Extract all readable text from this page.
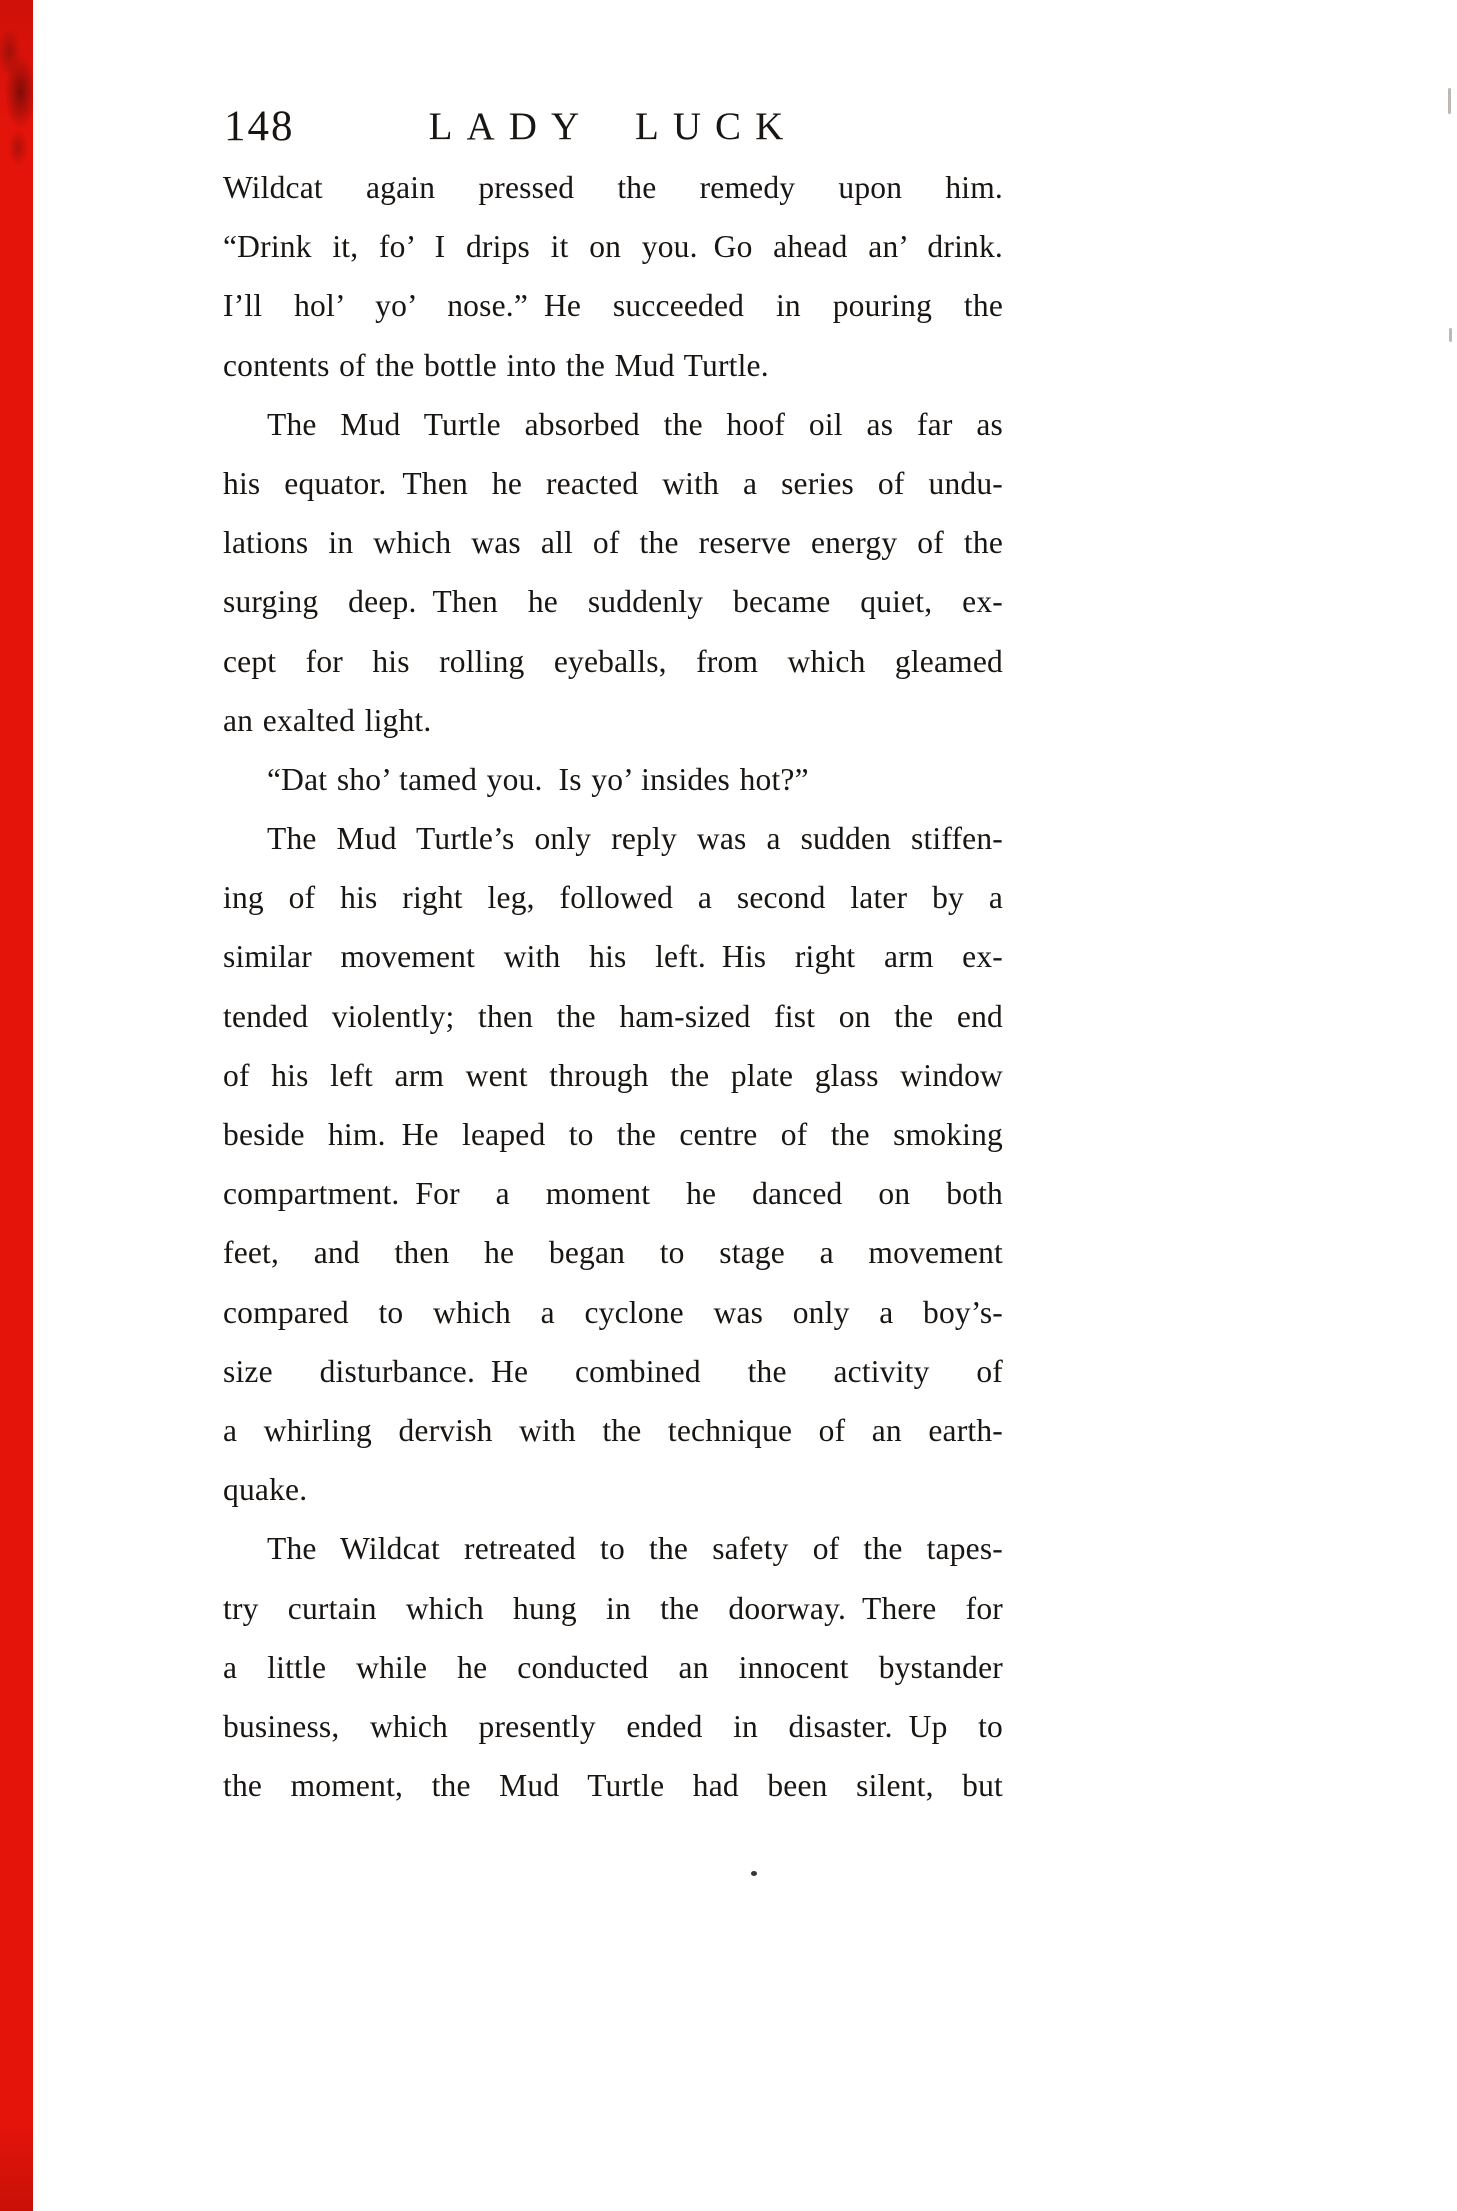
148	LADY LUCK
Wildcat again pressed the remedy upon him.
“Drink it, fo’ I drips it on you. Go ahead an’ drink.
I’ll hol’ yo’ nose.” He succeeded in pouring the
contents of the bottle into the Mud Turtle.
The Mud Turtle absorbed the hoof oil as far as
his equator. Then he reacted with a series of undu-
lations in which was all of the reserve energy of the
surging deep. Then he suddenly became quiet, ex-
cept for his rolling eyeballs, from which gleamed
an exalted light.
“Dat sho’ tamed you. Is yo’ insides hot?”
The Mud Turtle’s only reply was a sudden stiffen-
ing of his right leg, followed a second later by a
similar movement with his left. His right arm ex-
tended violently; then the ham-sized fist on the end
of his left arm went through the plate glass window
beside him. He leaped to the centre of the smoking
compartment. For a moment he danced on both
feet, and then he began to stage a movement
compared to which a cyclone was only a boy’s-
size disturbance. He combined the activity of
a whirling dervish with the technique of an earth-
quake.
The Wildcat retreated to the safety of the tapes-
try curtain which hung in the doorway. There for
a little while he conducted an innocent bystander
business, which presently ended in disaster. Up to
the moment, the Mud Turtle had been silent, but
